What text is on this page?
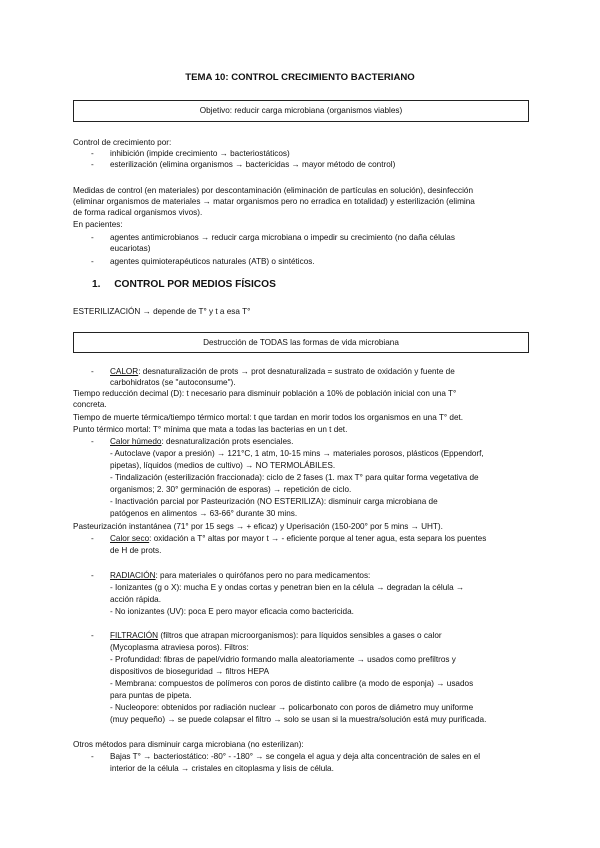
TEMA 10: CONTROL CRECIMIENTO BACTERIANO
Objetivo: reducir carga microbiana (organismos viables)
Control de crecimiento por:
- inhibición (impide crecimiento → bacteriostáticos)
- esterilización (elimina organismos → bactericidas → mayor método de control)
Medidas de control (en materiales) por descontaminación (eliminación de partículas en solución), desinfección
(eliminar organismos de materiales → matar organismos pero no erradica en totalidad) y esterilización (elimina
de forma radical organismos vivos).
En pacientes:
- agentes antimicrobianos → reducir carga microbiana o impedir su crecimiento (no daña células
eucariotas)
- agentes quimioterapéuticos naturales (ATB) o sintéticos.
1. CONTROL POR MEDIOS FÍSICOS
ESTERILIZACIÓN → depende de T° y t a esa T°
Destrucción de TODAS las formas de vida microbiana
- CALOR: desnaturalización de prots → prot desnaturalizada = sustrato de oxidación y fuente de
carbohidratos (se "autoconsume").
Tiempo reducción decimal (D): t necesario para disminuir población a 10% de población inicial con una T°
concreta.
Tiempo de muerte térmica/tiempo térmico mortal: t que tardan en morir todos los organismos en una T° det.
Punto térmico mortal: T° mínima que mata a todas las bacterias en un t det.
- Calor húmedo: desnaturalización prots esenciales.
- Autoclave (vapor a presión) → 121°C, 1 atm, 10-15 mins → materiales porosos, plásticos (Eppendorf,
pipetas), líquidos (medios de cultivo) → NO TERMOLÁBILES.
- Tindalización (esterilización fraccionada): ciclo de 2 fases (1. max T° para quitar forma vegetativa de
organismos; 2. 30° germinación de esporas) → repetición de ciclo.
- Inactivación parcial por Pasteurización (NO ESTERILIZA): disminuir carga microbiana de
patógenos en alimentos → 63-66° durante 30 mins.
Pasteurización instantánea (71° por 15 segs → + eficaz) y Uperisación (150-200° por 5 mins → UHT).
- Calor seco: oxidación a T° altas por mayor t → - eficiente porque al tener agua, esta separa los puentes
de H de prots.
- RADIACIÓN: para materiales o quirófanos pero no para medicamentos:
- Ionizantes (g o X): mucha E y ondas cortas y penetran bien en la célula → degradan la célula →
acción rápida.
- No ionizantes (UV): poca E pero mayor eficacia como bactericida.
- FILTRACIÓN (filtros que atrapan microorganismos): para líquidos sensibles a gases o calor
(Mycoplasma atraviesa poros). Filtros:
- Profundidad: fibras de papel/vidrio formando malla aleatoriamente → usados como prefiltros y
dispositivos de bioseguridad → filtros HEPA
- Membrana: compuestos de polímeros con poros de distinto calibre (a modo de esponja) → usados
para puntas de pipeta.
- Nucleopore: obtenidos por radiación nuclear → policarbonato con poros de diámetro muy uniforme
(muy pequeño) → se puede colapsar el filtro → solo se usan si la muestra/solución está muy purificada.
Otros métodos para disminuir carga microbiana (no esterilizan):
- Bajas T° → bacteriostático: -80° - -180° → se congela el agua y deja alta concentración de sales en el
interior de la célula → cristales en citoplasma y lisis de célula.
